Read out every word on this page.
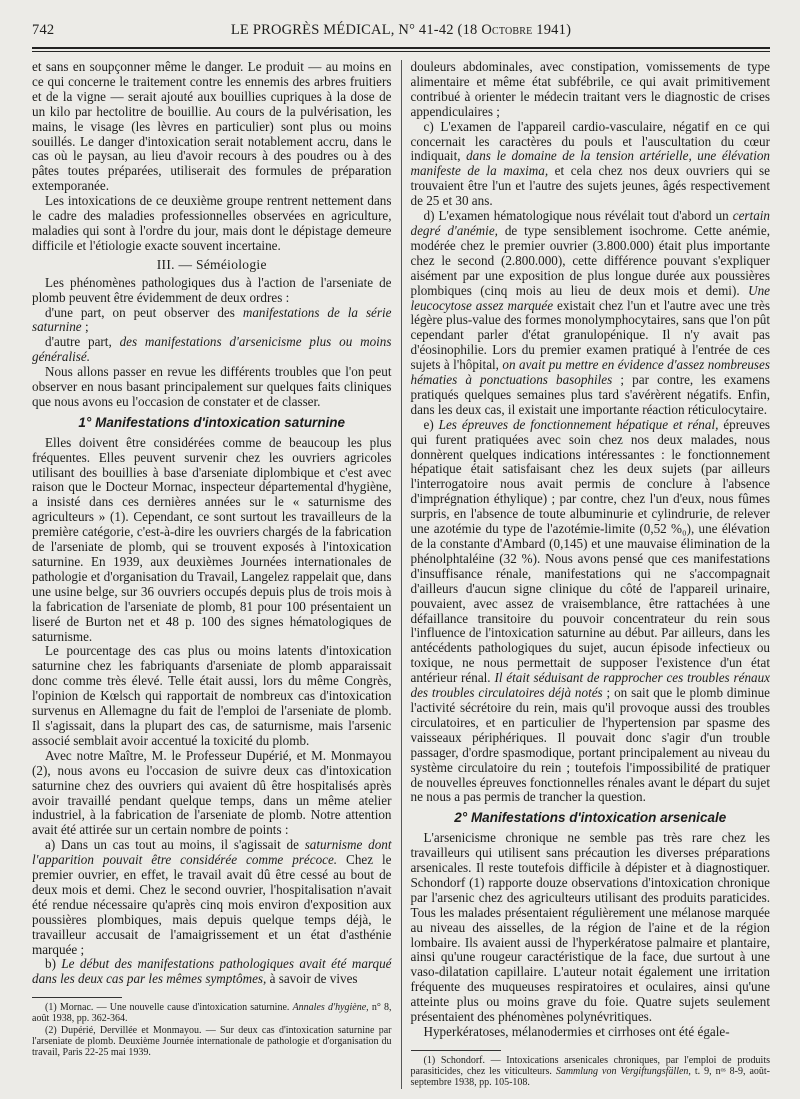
742	LE PROGRÈS MÉDICAL, N° 41-42 (18 Octobre 1941)

et sans en soupçonner même le danger. Le produit — au moins en ce qui concerne le traitement contre les ennemis des arbres fruitiers et de la vigne — serait ajouté aux bouillies cupriques à la dose de un kilo par hectolitre de bouillie. Au cours de la pulvérisation, les mains, le visage (les lèvres en particulier) sont plus ou moins souillés. Le danger d'intoxication serait notablement accru, dans le cas où le paysan, au lieu d'avoir recours à des poudres ou à des pâtes toutes préparées, utiliserait des formules de préparation extemporanée.

Les intoxications de ce deuxième groupe rentrent nettement dans le cadre des maladies professionnelles observées en agriculture, maladies qui sont à l'ordre du jour, mais dont le dépistage demeure difficile et l'étiologie exacte souvent incertaine.

III. — Séméiologie

Les phénomènes pathologiques dus à l'action de l'arseniate de plomb peuvent être évidemment de deux ordres :

d'une part, on peut observer des manifestations de la série saturnine ;

d'autre part, des manifestations d'arsenicisme plus ou moins généralisé.

Nous allons passer en revue les différents troubles que l'on peut observer en nous basant principalement sur quelques faits cliniques que nous avons eu l'occasion de constater et de classer.

1° Manifestations d'intoxication saturnine

Elles doivent être considérées comme de beaucoup les plus fréquentes. Elles peuvent survenir chez les ouvriers agricoles utilisant des bouillies à base d'arseniate diplombique et c'est avec raison que le Docteur Mornac, inspecteur départemental d'hygiène, a insisté dans ces dernières années sur le « saturnisme des agriculteurs » (1). Cependant, ce sont surtout les travailleurs de la première catégorie, c'est-à-dire les ouvriers chargés de la fabrication de l'arseniate de plomb, qui se trouvent exposés à l'intoxication saturnine. En 1939, aux deuxièmes Journées internationales de pathologie et d'organisation du Travail, Langelez rappelait que, dans une usine belge, sur 36 ouvriers occupés depuis plus de trois mois à la fabrication de l'arseniate de plomb, 81 pour 100 présentaient un liseré de Burton net et 48 p. 100 des signes hématologiques de saturnisme.

Le pourcentage des cas plus ou moins latents d'intoxication saturnine chez les fabriquants d'arseniate de plomb apparaissait donc comme très élevé. Telle était aussi, lors du même Congrès, l'opinion de Kœlsch qui rapportait de nombreux cas d'intoxication survenus en Allemagne du fait de l'emploi de l'arseniate de plomb. Il s'agissait, dans la plupart des cas, de saturnisme, mais l'arsenic associé semblait avoir accentué la toxicité du plomb.

Avec notre Maître, M. le Professeur Dupérié, et M. Monmayou (2), nous avons eu l'occasion de suivre deux cas d'intoxication saturnine chez des ouvriers qui avaient dû être hospitalisés après avoir travaillé pendant quelque temps, dans un même atelier industriel, à la fabrication de l'arseniate de plomb. Notre attention avait été attirée sur un certain nombre de points :

a) Dans un cas tout au moins, il s'agissait de saturnisme dont l'apparition pouvait être considérée comme précoce. Chez le premier ouvrier, en effet, le travail avait dû être cessé au bout de deux mois et demi. Chez le second ouvrier, l'hospitalisation n'avait été rendue nécessaire qu'après cinq mois environ d'exposition aux poussières plombiques, mais depuis quelque temps déjà, le travailleur accusait de l'amaigrissement et un état d'asthénie marquée ;

b) Le début des manifestations pathologiques avait été marqué dans les deux cas par les mêmes symptômes, à savoir de vives

(1) Mornac. — Une nouvelle cause d'intoxication saturnine. Annales d'hygiène, n° 8, août 1938, pp. 362-364.

(2) Dupérié, Dervillée et Monmayou. — Sur deux cas d'intoxication saturnine par l'arseniate de plomb. Deuxième Journée internationale de pathologie et d'organisation du travail, Paris 22-25 mai 1939.

douleurs abdominales, avec constipation, vomissements de type alimentaire et même état subfébrile, ce qui avait primitivement contribué à orienter le médecin traitant vers le diagnostic de crises appendiculaires ;

c) L'examen de l'appareil cardio-vasculaire, négatif en ce qui concernait les caractères du pouls et l'auscultation du cœur indiquait, dans le domaine de la tension artérielle, une élévation manifeste de la maxima, et cela chez nos deux ouvriers qui se trouvaient être l'un et l'autre des sujets jeunes, âgés respectivement de 25 et 30 ans.

d) L'examen hématologique nous révélait tout d'abord un certain degré d'anémie, de type sensiblement isochrome. Cette anémie, modérée chez le premier ouvrier (3.800.000) était plus importante chez le second (2.800.000), cette différence pouvant s'expliquer aisément par une exposition de plus longue durée aux poussières plombiques (cinq mois au lieu de deux mois et demi). Une leucocytose assez marquée existait chez l'un et l'autre avec une très légère plus-value des formes monolymphocytaires, sans que l'on pût cependant parler d'état granulopénique. Il n'y avait pas d'éosinophilie. Lors du premier examen pratiqué à l'entrée de ces sujets à l'hôpital, on avait pu mettre en évidence d'assez nombreuses hématies à ponctuations basophiles ; par contre, les examens pratiqués quelques semaines plus tard s'avérèrent négatifs. Enfin, dans les deux cas, il existait une importante réaction réticulocytaire.

e) Les épreuves de fonctionnement hépatique et rénal, épreuves qui furent pratiquées avec soin chez nos deux malades, nous donnèrent quelques indications intéressantes : le fonctionnement hépatique était satisfaisant chez les deux sujets (par ailleurs l'interrogatoire nous avait permis de conclure à l'absence d'imprégnation éthylique) ; par contre, chez l'un d'eux, nous fûmes surpris, en l'absence de toute albuminurie et cylindrurie, de relever une azotémie du type de l'azotémie-limite (0,52 %₀), une élévation de la constante d'Ambard (0,145) et une mauvaise élimination de la phénolphtaléine (32 %). Nous avons pensé que ces manifestations d'insuffisance rénale, manifestations qui ne s'accompagnait d'ailleurs d'aucun signe clinique du côté de l'appareil urinaire, pouvaient, avec assez de vraisemblance, être rattachées à une défaillance transitoire du pouvoir concentrateur du rein sous l'influence de l'intoxication saturnine au début. Par ailleurs, dans les antécédents pathologiques du sujet, aucun épisode infectieux ou toxique, ne nous permettait de supposer l'existence d'un état antérieur rénal. Il était séduisant de rapprocher ces troubles rénaux des troubles circulatoires déjà notés ; on sait que le plomb diminue l'activité sécrétoire du rein, mais qu'il provoque aussi des troubles circulatoires, et en particulier de l'hypertension par spasme des vaisseaux périphériques. Il pouvait donc s'agir d'un trouble passager, d'ordre spasmodique, portant principalement au niveau du système circulatoire du rein ; toutefois l'impossibilité de pratiquer de nouvelles épreuves fonctionnelles rénales avant le départ du sujet ne nous a pas permis de trancher la question.

2° Manifestations d'intoxication arsenicale

L'arsenicisme chronique ne semble pas très rare chez les travailleurs qui utilisent sans précaution les diverses préparations arsenicales. Il reste toutefois difficile à dépister et à diagnostiquer. Schondorf (1) rapporte douze observations d'intoxication chronique par l'arsenic chez des agriculteurs utilisant des produits paraticides. Tous les malades présentaient régulièrement une mélanose marquée au niveau des aisselles, de la région de l'aine et de la région lombaire. Ils avaient aussi de l'hyperkératose palmaire et plantaire, ainsi qu'une rougeur caractéristique de la face, due surtout à une vaso-dilatation capillaire. L'auteur notait également une irritation fréquente des muqueuses respiratoires et oculaires, ainsi qu'une atteinte plus ou moins grave du foie. Quatre sujets seulement présentaient des phénomènes polynévritiques.

Hyperkératoses, mélanodermies et cirrhoses ont été égale-

(1) Schondorf. — Intoxications arsenicales chroniques, par l'emploi de produits parasiticides, chez les viticulteurs. Sammlung von Vergiftungsfällen, t. 9, nᵒˢ 8-9, août-septembre 1938, pp. 105-108.
